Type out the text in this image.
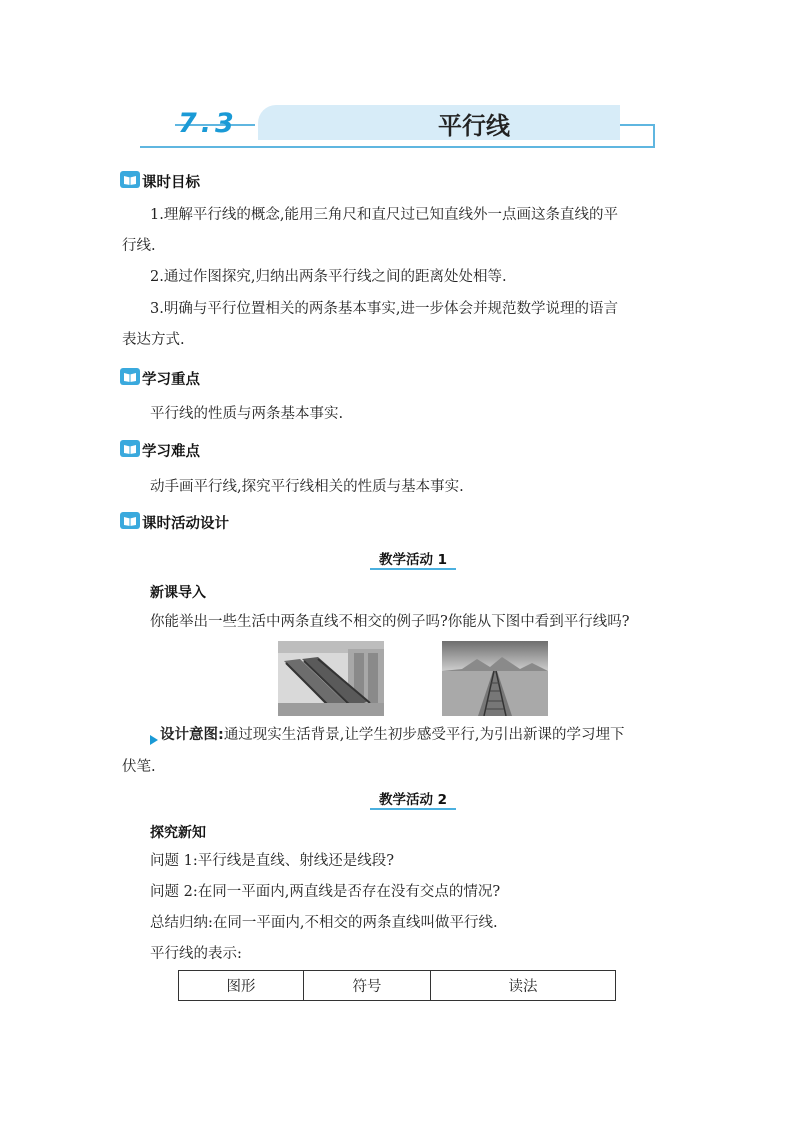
7.3	平行线
课时目标
1.理解平行线的概念,能用三角尺和直尺过已知直线外一点画这条直线的平
行线.
2.通过作图探究,归纳出两条平行线之间的距离处处相等.
3.明确与平行位置相关的两条基本事实,进一步体会并规范数学说理的语言
表达方式.
学习重点
平行线的性质与两条基本事实.
学习难点
动手画平行线,探究平行线相关的性质与基本事实.
课时活动设计
教学活动 1
新课导入
你能举出一些生活中两条直线不相交的例子吗?你能从下图中看到平行线吗?
设计意图:通过现实生活背景,让学生初步感受平行,为引出新课的学习埋下
伏笔.
教学活动 2
探究新知
问题 1:平行线是直线、射线还是线段?
问题 2:在同一平面内,两直线是否存在没有交点的情况?
总结归纳:在同一平面内,不相交的两条直线叫做平行线.
平行线的表示:
图形	符号	读法
